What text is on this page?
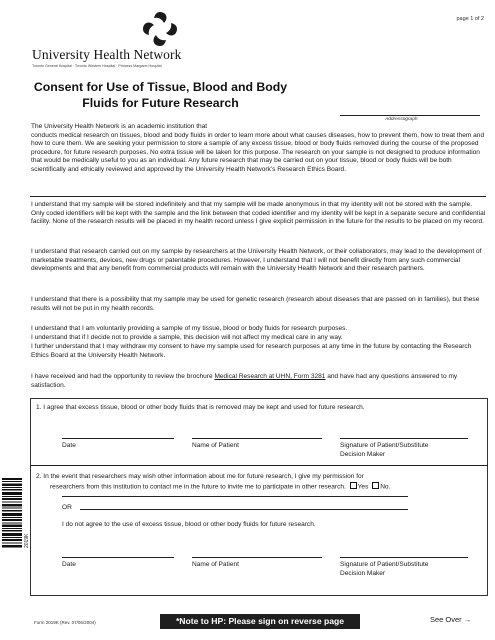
page 1 of 2
University Health Network
Toronto General Hospital · Toronto Western Hospital · Princess Margaret Hospital
Consent for Use of Tissue, Blood and Body Fluids for Future Research
Addressograph
The University Health Network is an academic institution that
conducts medical research on tissues, blood and body fluids in order to learn more about what causes diseases, how to prevent them, how to treat them and how to cure them. We are seeking your permission to store a sample of any excess tissue, blood or body fluids removed during the course of the proposed procedure, for future research purposes. No extra tissue will be taken for this purpose. The research on your sample is not designed to produce information that would be medically useful to you as an individual. Any future research that may be carried out on your tissue, blood or body fluids will be both scientifically and ethically reviewed and approved by the University Health Network’s Research Ethics Board.
I understand that my sample will be stored indefinitely and that my sample will be made anonymous in that my identity will not be stored with the sample. Only coded identifiers will be kept with the sample and the link between that coded identifier and my identity will be kept in a separate secure and confidential facility. None of the research results will be placed in my health record unless I give explicit permission in the future for the results to be placed on my record.
I understand that research carried out on my sample by researchers at the University Health Network, or their collaborators, may lead to the development of marketable treatments, devices, new drugs or patentable procedures. However, I understand that I will not benefit directly from any such commercial developments and that any benefit from commercial products will remain with the University Health Network and their research partners.
I understand that there is a possibility that my sample may be used for genetic research (research about diseases that are passed on in families), but these results will not be put in my health records.
I understand that I am voluntarily providing a sample of my tissue, blood or body fluids for research purposes.
I understand that if I decide not to provide a sample, this decision will not affect my medical care in any way.
I further understand that I may withdraw my consent to have my sample used for research purposes at any time in the future by contacting the Research Ethics Board at the University Health Network.
I have received and had the opportunity to review the brochure Medical Research at UHN, Form 3281 and have had any questions answered to my satisfaction.
1. I agree that excess tissue, blood or other body fluids that is removed may be kept and used for future research.
Date	Name of Patient	Signature of Patient/Substitute
Decision Maker
2. In the event that researchers may wish other information about me for future research, I give my permission for
researchers from this institution to contact me in the future to invite me to participate in other research. Yes No.
OR
I do not agree to the use of excess tissue, blood or other body fluids for future research.
Date	Name of Patient	Signature of Patient/Substitute
Decision Maker
2019K
Form 2019K (Rev. 07/06/2004)	*Note to HP: Please sign on reverse page	See Over →
